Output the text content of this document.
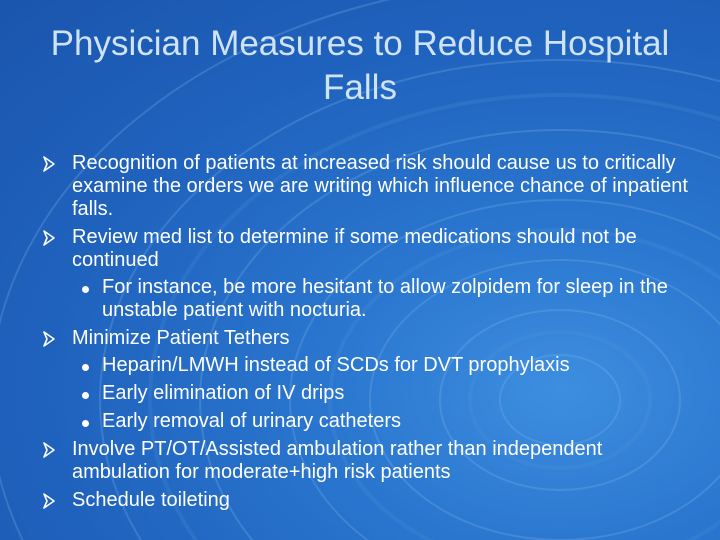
Physician Measures to Reduce Hospital Falls
Recognition of patients at increased risk should cause us to critically examine the orders we are writing which influence chance of inpatient falls.
Review med list to determine if some medications should not be continued
For instance, be more hesitant to allow zolpidem for sleep in the unstable patient with nocturia.
Minimize Patient Tethers
Heparin/LMWH instead of SCDs for DVT prophylaxis
Early elimination of IV drips
Early removal of urinary catheters
Involve PT/OT/Assisted ambulation rather than independent ambulation for moderate+high risk patients
Schedule toileting
